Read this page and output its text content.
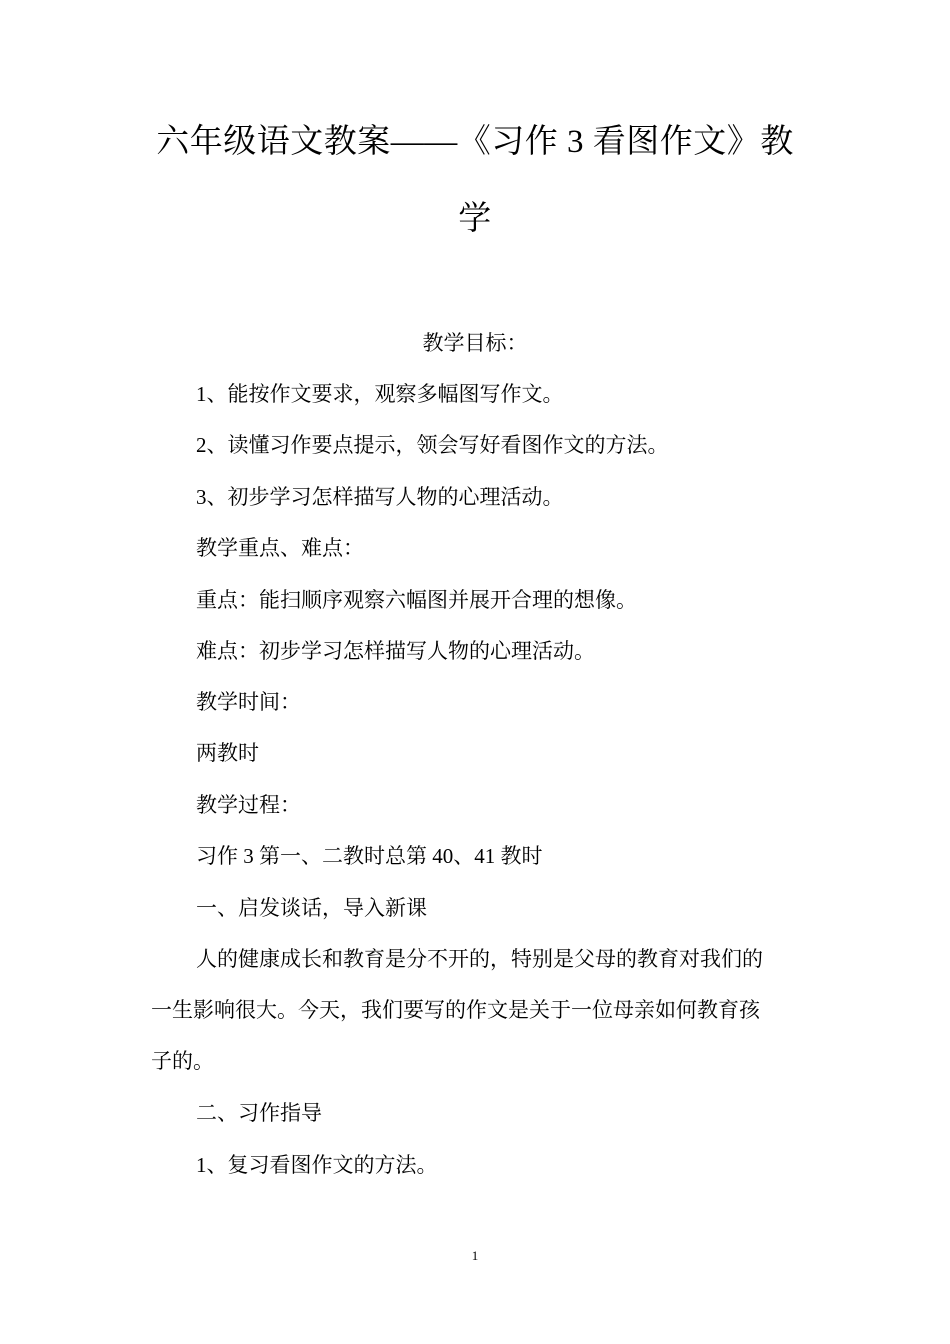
六年级语文教案——《习作 3 看图作文》教
学

教学目标：

1、能按作文要求，观察多幅图写作文。

2、读懂习作要点提示，领会写好看图作文的方法。

3、初步学习怎样描写人物的心理活动。

教学重点、难点：

重点：能扫顺序观察六幅图并展开合理的想像。

难点：初步学习怎样描写人物的心理活动。

教学时间：

两教时

教学过程：

习作 3 第一、二教时总第 40、41 教时

一、启发谈话，导入新课

人的健康成长和教育是分不开的，特别是父母的教育对我们的

一生影响很大。今天，我们要写的作文是关于一位母亲如何教育孩

子的。

二、习作指导

1、复习看图作文的方法。

1
